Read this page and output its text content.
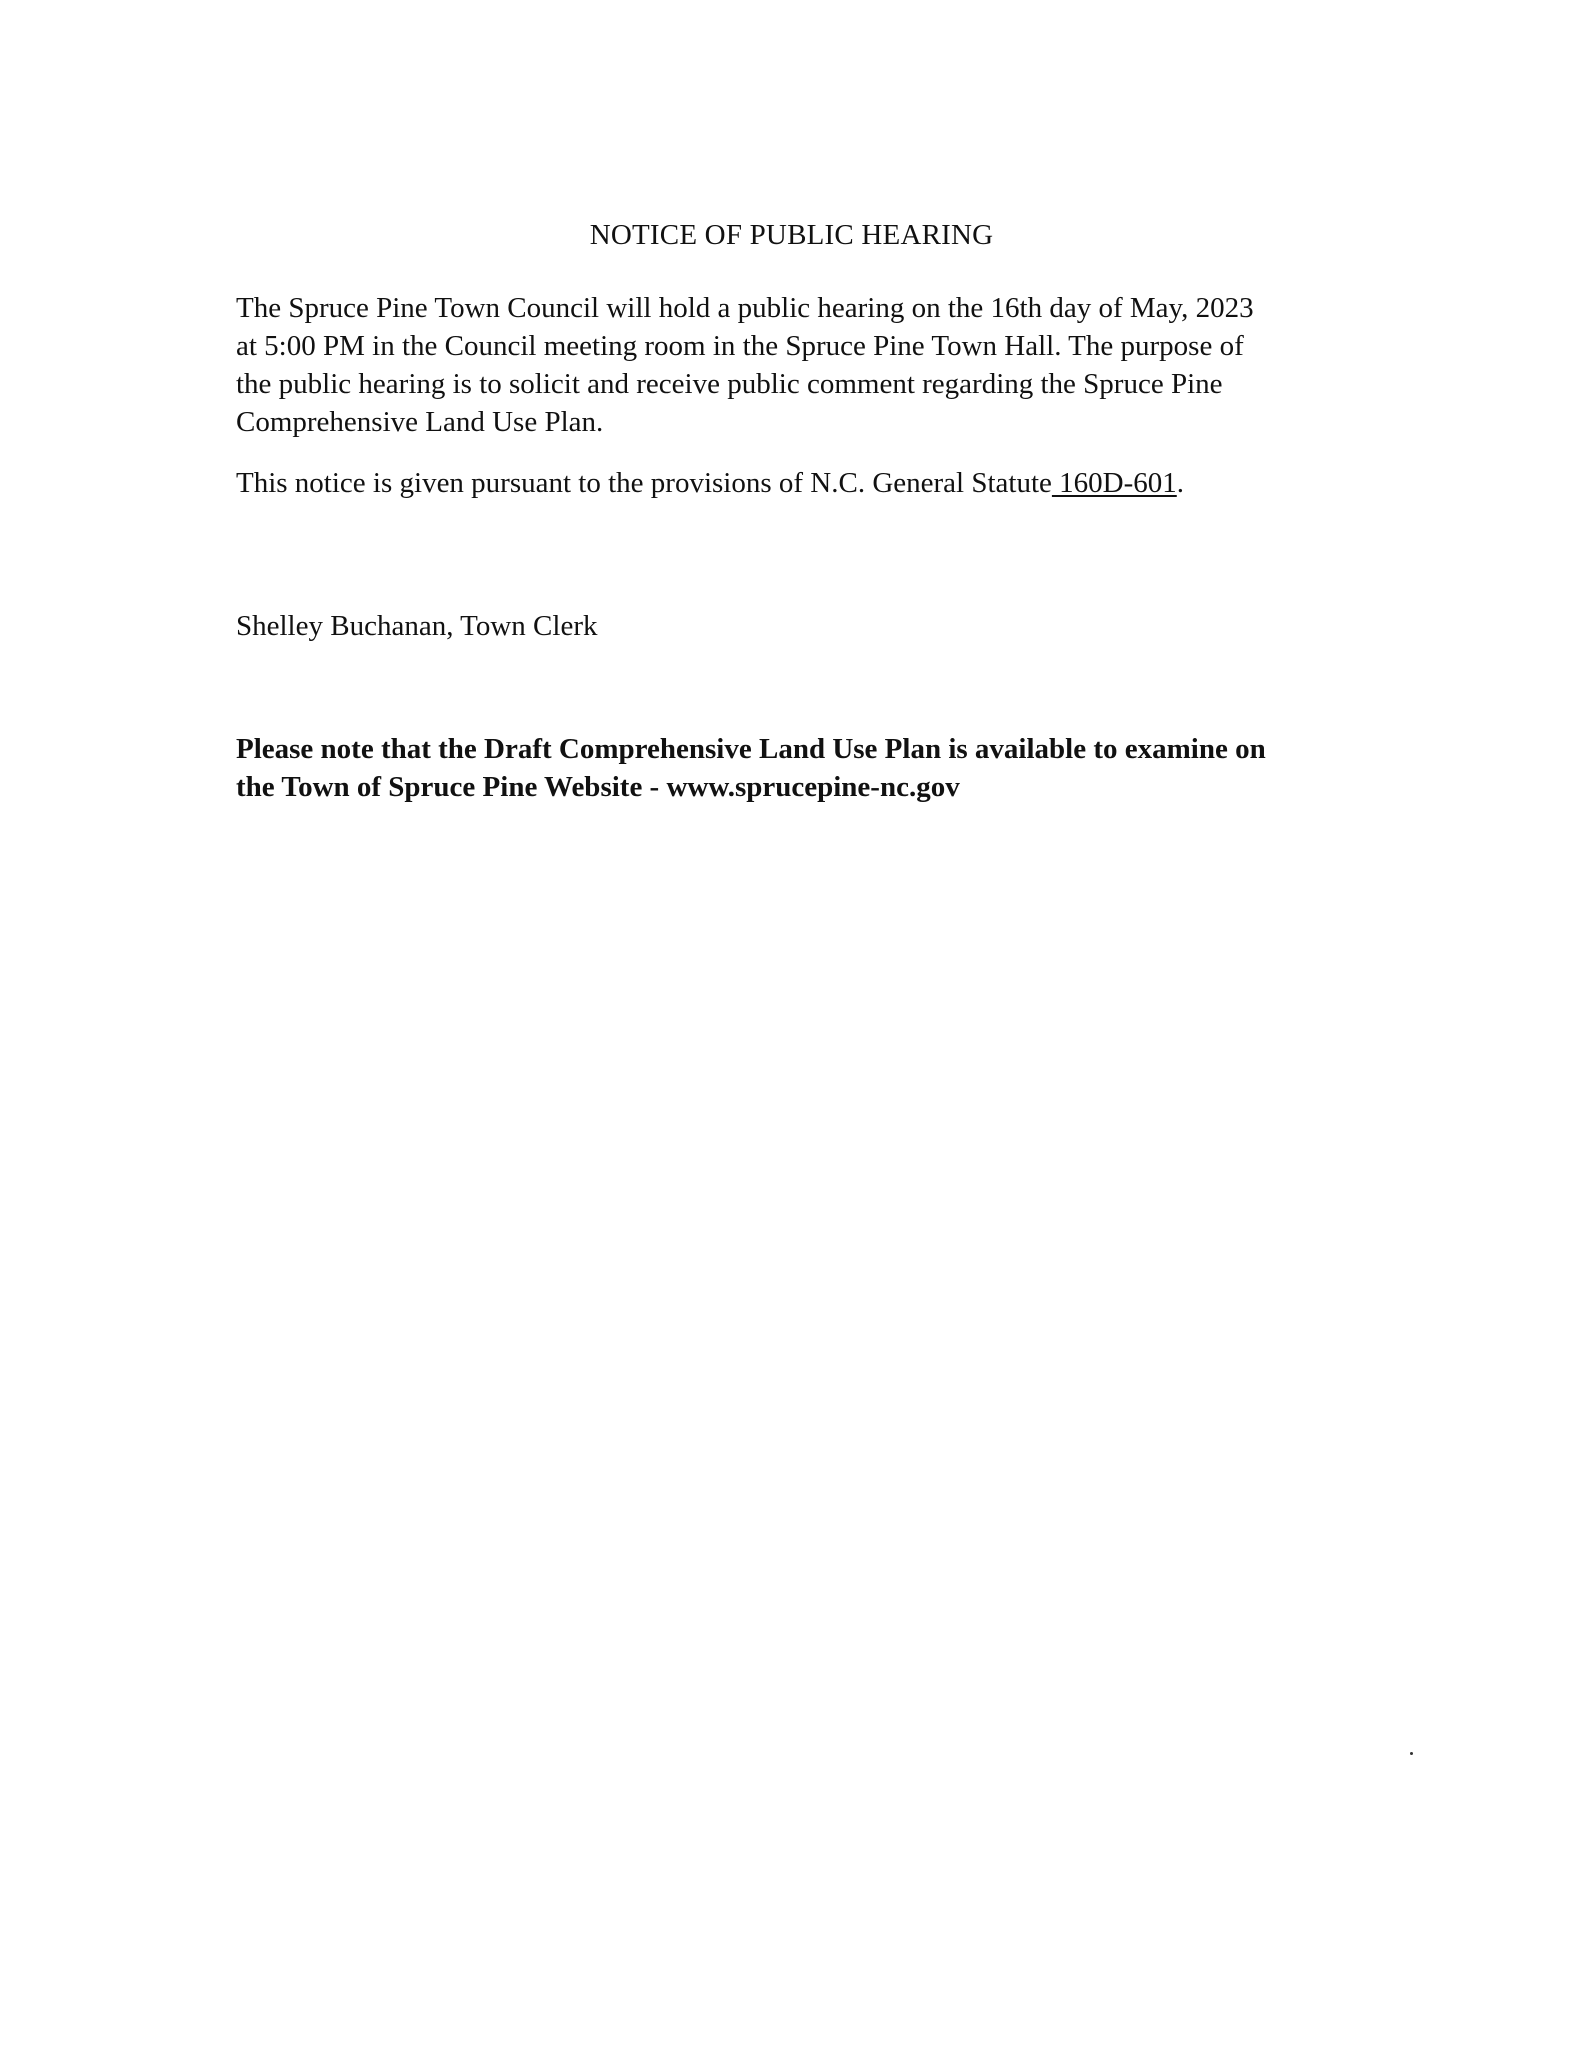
NOTICE OF PUBLIC HEARING

The Spruce Pine Town Council will hold a public hearing on the 16th day of May, 2023

at 5:00 PM in the Council meeting room in the Spruce Pine Town Hall. The purpose of

the public hearing is to solicit and receive public comment regarding the Spruce Pine

Comprehensive Land Use Plan.

This notice is given pursuant to the provisions of N.C. General Statute 160D-601.

Shelley Buchanan, Town Clerk

Please note that the Draft Comprehensive Land Use Plan is available to examine on

the Town of Spruce Pine Website - www.sprucepine-nc.gov
